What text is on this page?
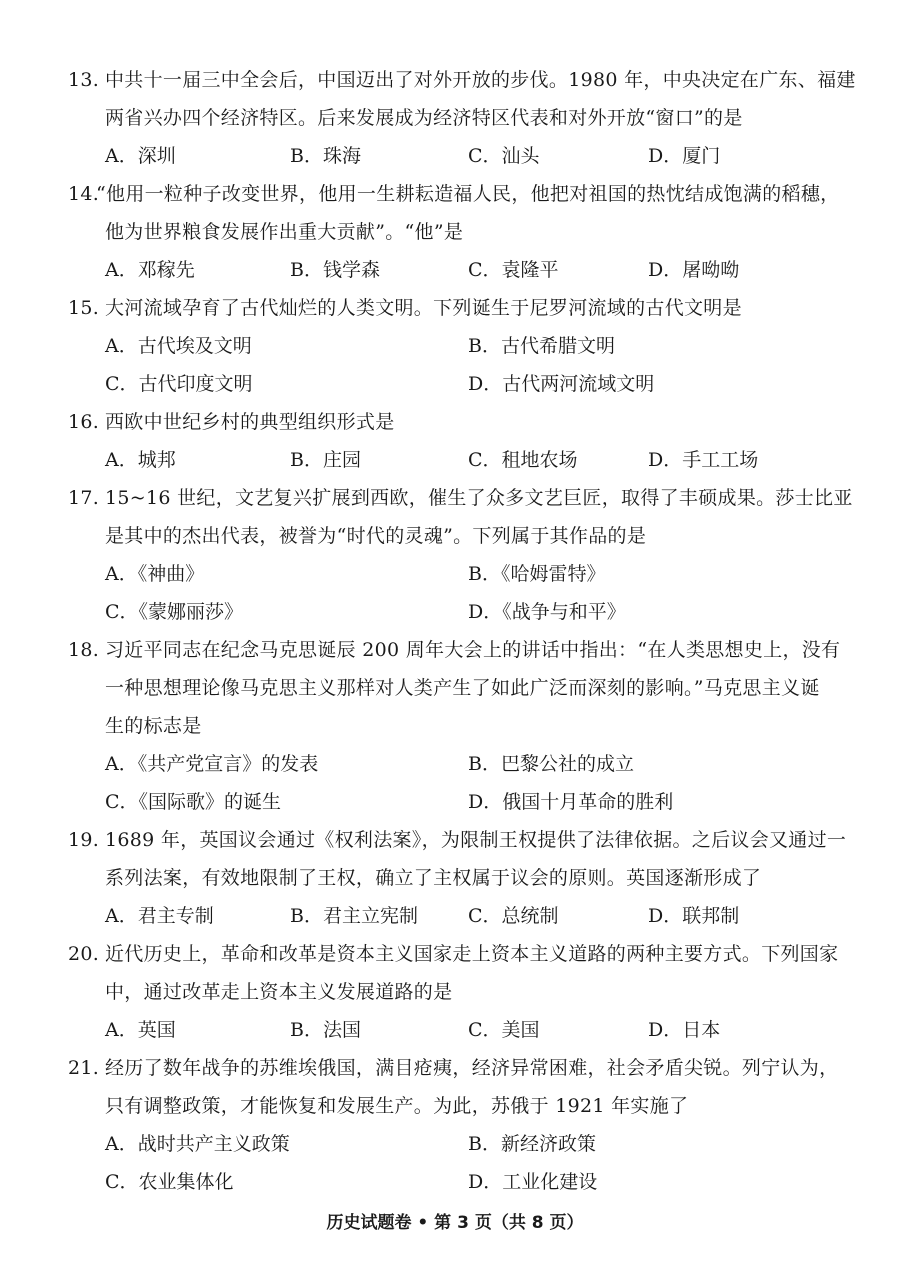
13. 中共十一届三中全会后，中国迈出了对外开放的步伐。1980 年，中央决定在广东、福建
两省兴办四个经济特区。后来发展成为经济特区代表和对外开放“窗口”的是
A．深圳	B．珠海	C．汕头	D．厦门
14.
“他用一粒种子改变世界，他用一生耕耘造福人民，他把对祖国的热忱结成饱满的稻穗，
他为世界粮食发展作出重大贡献”。“他”是
A．邓稼先	B．钱学森	C．袁隆平	D．屠呦呦
15. 大河流域孕育了古代灿烂的人类文明。下列诞生于尼罗河流域的古代文明是
A．古代埃及文明	B．古代希腊文明
C．古代印度文明	D．古代两河流域文明
16. 西欧中世纪乡村的典型组织形式是
A．城邦	B．庄园	C．租地农场	D．手工工场
17. 15~16 世纪，文艺复兴扩展到西欧，催生了众多文艺巨匠，取得了丰硕成果。莎士比亚
是其中的杰出代表，被誉为“时代的灵魂”。下列属于其作品的是
A．《神曲》	B．《哈姆雷特》
C．《蒙娜丽莎》	D．《战争与和平》
18. 习近平同志在纪念马克思诞辰 200 周年大会上的讲话中指出：“在人类思想史上，没有
一种思想理论像马克思主义那样对人类产生了如此广泛而深刻的影响。”马克思主义诞
生的标志是
A．《共产党宣言》的发表	B．巴黎公社的成立
C．《国际歌》的诞生	D．俄国十月革命的胜利
19. 1689 年，英国议会通过《权利法案》，为限制王权提供了法律依据。之后议会又通过一
系列法案，有效地限制了王权，确立了主权属于议会的原则。英国逐渐形成了
A．君主专制	B．君主立宪制	C．总统制	D．联邦制
20. 近代历史上，革命和改革是资本主义国家走上资本主义道路的两种主要方式。下列国家
中，通过改革走上资本主义发展道路的是
A．英国	B．法国	C．美国	D．日本
21. 经历了数年战争的苏维埃俄国，满目疮痍，经济异常困难，社会矛盾尖锐。列宁认为，
只有调整政策，才能恢复和发展生产。为此，苏俄于 1921 年实施了
A．战时共产主义政策	B．新经济政策
C．农业集体化	D．工业化建设
历史试题卷 • 第 3 页（共 8 页）
